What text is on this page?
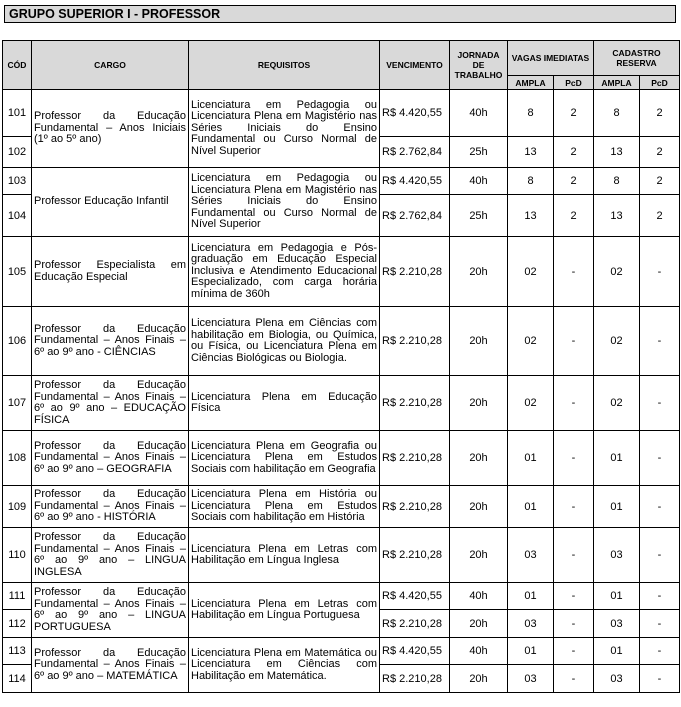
GRUPO SUPERIOR I - PROFESSOR
CÓD	CARGO	REQUISITOS	VENCIMENTO	JORNADA DE TRABALHO	VAGAS IMEDIATAS		CADASTRO RESERVA	
					AMPLA	PcD	AMPLA	PcD
101	Professor da Educação Fundamental – Anos Iniciais (1º ao 5º ano)	Licenciatura em Pedagogia ou Licenciatura Plena em Magistério nas Séries Iniciais do Ensino Fundamental ou Curso Normal de Nível Superior	R$ 4.420,55	40h	8	2	8	2
102			R$ 2.762,84	25h	13	2	13	2
103	Professor Educação Infantil	Licenciatura em Pedagogia ou Licenciatura Plena em Magistério nas Séries Iniciais do Ensino Fundamental ou Curso Normal de Nível Superior	R$ 4.420,55	40h	8	2	8	2
104			R$ 2.762,84	25h	13	2	13	2
105	Professor Especialista em Educação Especial	Licenciatura em Pedagogia e Pós-graduação em Educação Especial Inclusiva e Atendimento Educacional Especializado, com carga horária mínima de 360h	R$ 2.210,28	20h	02	-	02	-
106	Professor da Educação Fundamental – Anos Finais – 6º ao 9º ano - CIÊNCIAS	Licenciatura Plena em Ciências com habilitação em Biologia, ou Química, ou Física, ou Licenciatura Plena em Ciências Biológicas ou Biologia.	R$ 2.210,28	20h	02	-	02	-
107	Professor da Educação Fundamental – Anos Finais – 6º ao 9º ano – EDUCAÇÃO FÍSICA	Licenciatura Plena em Educação Física	R$ 2.210,28	20h	02	-	02	-
108	Professor da Educação Fundamental – Anos Finais – 6º ao 9º ano – GEOGRAFIA	Licenciatura Plena em Geografia ou Licenciatura Plena em Estudos Sociais com habilitação em Geografia	R$ 2.210,28	20h	01	-	01	-
109	Professor da Educação Fundamental – Anos Finais – 6º ao 9º ano - HISTÓRIA	Licenciatura Plena em História ou Licenciatura Plena em Estudos Sociais com habilitação em História	R$ 2.210,28	20h	01	-	01	-
110	Professor da Educação Fundamental – Anos Finais – 6º ao 9º ano – LINGUA INGLESA	Licenciatura Plena em Letras com Habilitação em Língua Inglesa	R$ 2.210,28	20h	03	-	03	-
111	Professor da Educação Fundamental – Anos Finais – 6º ao 9º ano – LINGUA PORTUGUESA	Licenciatura Plena em Letras com Habilitação em Língua Portuguesa	R$ 4.420,55	40h	01	-	01	-
112			R$ 2.210,28	20h	03	-	03	-
113	Professor da Educação Fundamental – Anos Finais – 6º ao 9º ano – MATEMÁTICA	Licenciatura Plena em Matemática ou Licenciatura em Ciências com Habilitação em Matemática.	R$ 4.420,55	40h	01	-	01	-
114			R$ 2.210,28	20h	03	-	03	-
